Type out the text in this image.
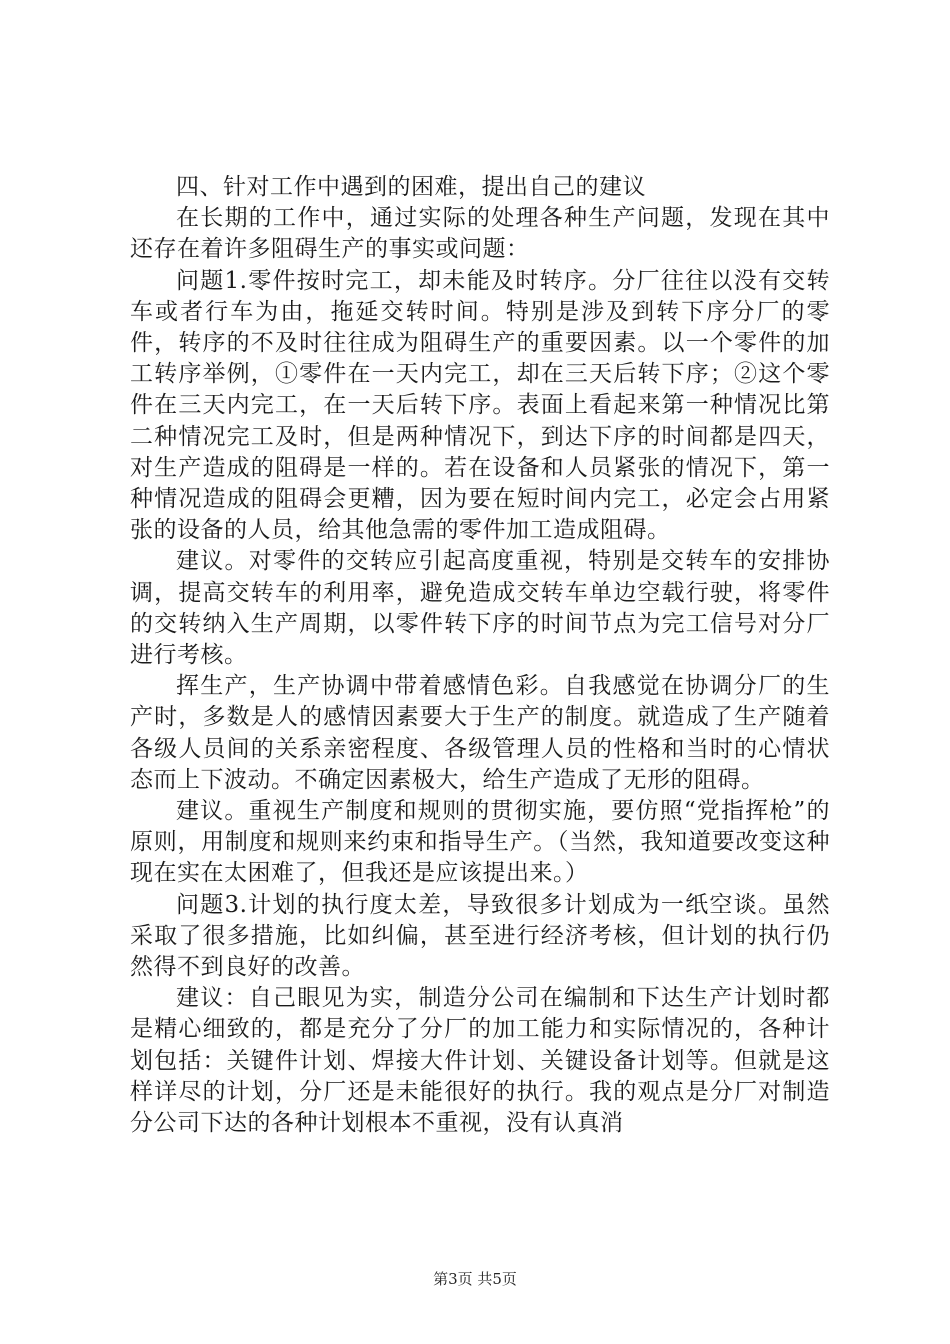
四、针对工作中遇到的困难，提出自己的建议

在长期的工作中，通过实际的处理各种生产问题，发现在其中还存在着许多阻碍生产的事实或问题：

问题1.零件按时完工，却未能及时转序。分厂往往以没有交转车或者行车为由，拖延交转时间。特别是涉及到转下序分厂的零件，转序的不及时往往成为阻碍生产的重要因素。以一个零件的加工转序举例，①零件在一天内完工，却在三天后转下序；②这个零件在三天内完工，在一天后转下序。表面上看起来第一种情况比第二种情况完工及时，但是两种情况下，到达下序的时间都是四天，对生产造成的阻碍是一样的。若在设备和人员紧张的情况下，第一种情况造成的阻碍会更糟，因为要在短时间内完工，必定会占用紧张的设备的人员，给其他急需的零件加工造成阻碍。

建议。对零件的交转应引起高度重视，特别是交转车的安排协调，提高交转车的利用率，避免造成交转车单边空载行驶，将零件的交转纳入生产周期，以零件转下序的时间节点为完工信号对分厂进行考核。

挥生产，生产协调中带着感情色彩。自我感觉在协调分厂的生产时，多数是人的感情因素要大于生产的制度。就造成了生产随着各级人员间的关系亲密程度、各级管理人员的性格和当时的心情状态而上下波动。不确定因素极大，给生产造成了无形的阻碍。

建议。重视生产制度和规则的贯彻实施，要仿照“党指挥枪”的原则，用制度和规则来约束和指导生产。（当然，我知道要改变这种现在实在太困难了，但我还是应该提出来。）

问题3.计划的执行度太差，导致很多计划成为一纸空谈。虽然采取了很多措施，比如纠偏，甚至进行经济考核，但计划的执行仍然得不到良好的改善。

建议：自己眼见为实，制造分公司在编制和下达生产计划时都是精心细致的，都是充分了分厂的加工能力和实际情况的，各种计划包括：关键件计划、焊接大件计划、关键设备计划等。但就是这样详尽的计划，分厂还是未能很好的执行。我的观点是分厂对制造分公司下达的各种计划根本不重视，没有认真消

第3页 共5页
